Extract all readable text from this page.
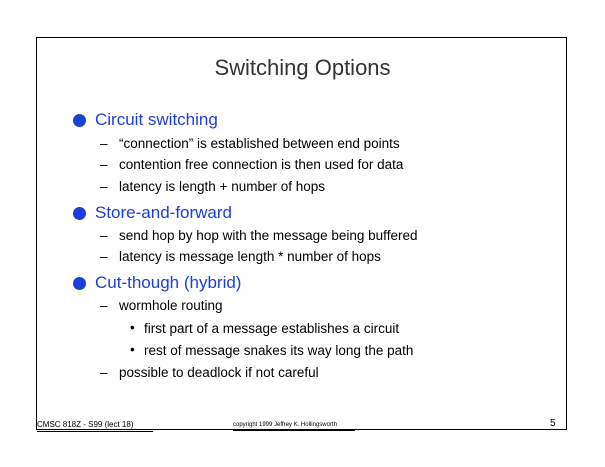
Switching Options
Circuit switching
– “connection” is established between end points
– contention free connection is then used for data
– latency is length + number of hops
Store-and-forward
– send hop by hop with the message being buffered
– latency is message length * number of hops
Cut-though (hybrid)
– wormhole routing
• first part of a message establishes a circuit
• rest of message snakes its way long the path
– possible to deadlock if not careful
CMSC 818Z - S99 (lect 18)	copyright 1999 Jeffrey K. Hollingsworth	5
